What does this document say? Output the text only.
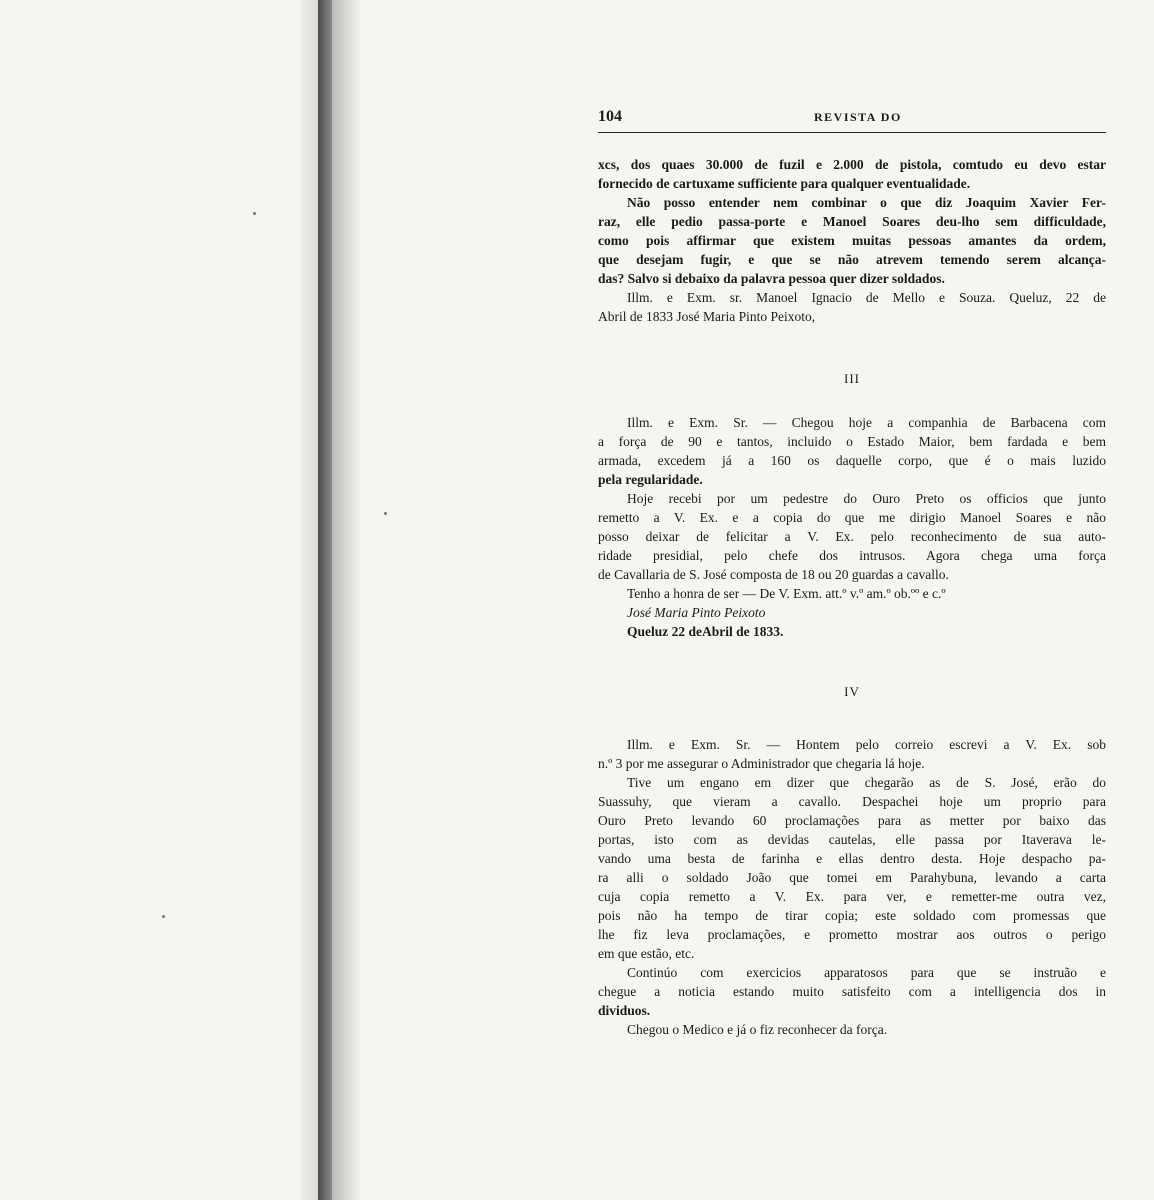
104	REVISTA DO
xcs, dos quaes 30.000 de fuzil e 2.000 de pistola, comtudo eu devo estar
fornecido de cartuxame sufficiente para qualquer eventualidade.
Não posso entender nem combinar o que diz Joaquim Xavier Fer-
raz, elle pedio passa-porte e Manoel Soares deu-lho sem difficuldade,
como pois affirmar que existem muitas pessoas amantes da ordem,
que desejam fugir, e que se não atrevem temendo serem alcança-
das? Salvo si debaixo da palavra pessoa quer dizer soldados.
Illm. e Exm. sr. Manoel Ignacio de Mello e Souza. Queluz, 22 de
Abril de 1833 José Maria Pinto Peixoto,
III
Illm. e Exm. Sr. — Chegou hoje a companhia de Barbacena com
a força de 90 e tantos, incluido o Estado Maior, bem fardada e bem
armada, excedem já a 160 os daquelle corpo, que é o mais luzido
pela regularidade.
Hoje recebi por um pedestre do Ouro Preto os officios que junto
remetto a V. Ex. e a copia do que me dirigio Manoel Soares e não
posso deixar de felicitar a V. Ex. pelo reconhecimento de sua auto-
ridade presidial, pelo chefe dos intrusos. Agora chega uma força
de Cavallaria de S. José composta de 18 ou 20 guardas a cavallo.
Tenho a honra de ser — De V. Exm. att.º v.º am.º ob.ºº e c.º
José Maria Pinto Peixoto
Queluz 22 deAbril de 1833.
IV
Illm. e Exm. Sr. — Hontem pelo correio escrevi a V. Ex. sob
n.º 3 por me assegurar o Administrador que chegaria lá hoje.
Tive um engano em dizer que chegarão as de S. José, erão do
Suassuhy, que vieram a cavallo. Despachei hoje um proprio para
Ouro Preto levando 60 proclamações para as metter por baixo das
portas, isto com as devidas cautelas, elle passa por Itaverava le-
vando uma besta de farinha e ellas dentro desta. Hoje despacho pa-
ra alli o soldado João que tomei em Parahybuna, levando a carta
cuja copia remetto a V. Ex. para ver, e remetter-me outra vez,
pois não ha tempo de tirar copia; este soldado com promessas que
lhe fiz leva proclamações, e prometto mostrar aos outros o perigo
em que estão, etc.
Continúo com exercicios apparatosos para que se instruão e
chegue a noticia estando muito satisfeito com a intelligencia dos in
dividuos.
Chegou o Medico e já o fiz reconhecer da força.
